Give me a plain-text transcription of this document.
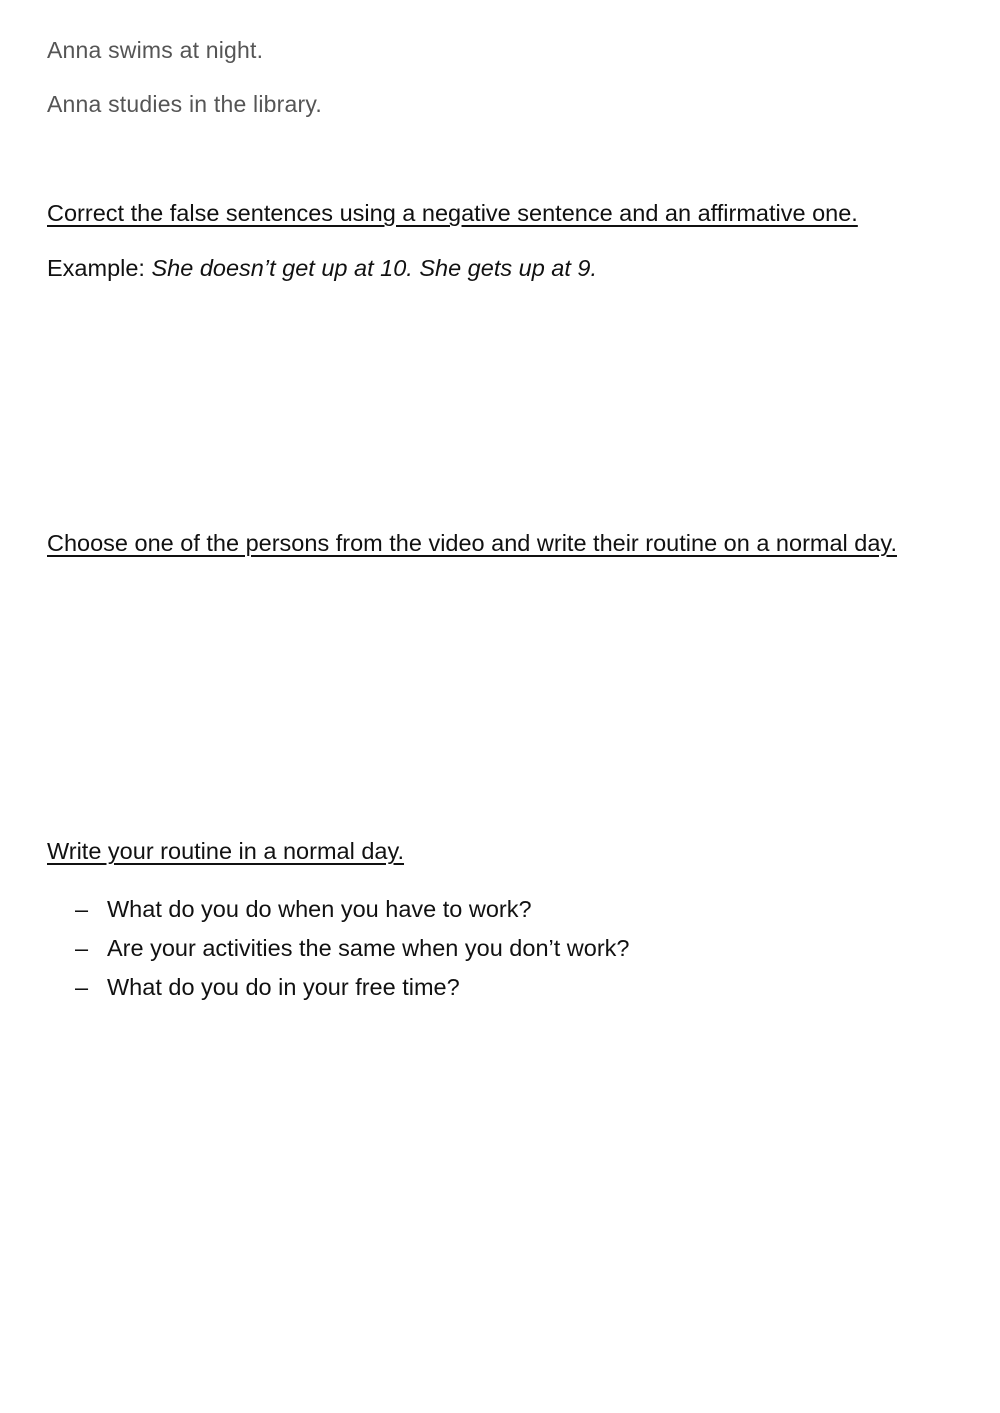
Anna swims at night.
Anna studies in the library.
Correct the false sentences using a negative sentence and an affirmative one.
Example: She doesn’t get up at 10. She gets up at 9.
Choose one of the persons from the video and write their routine on a normal day.
Write your routine in a normal day.
– What do you do when you have to work?
– Are your activities the same when you don’t work?
– What do you do in your free time?
